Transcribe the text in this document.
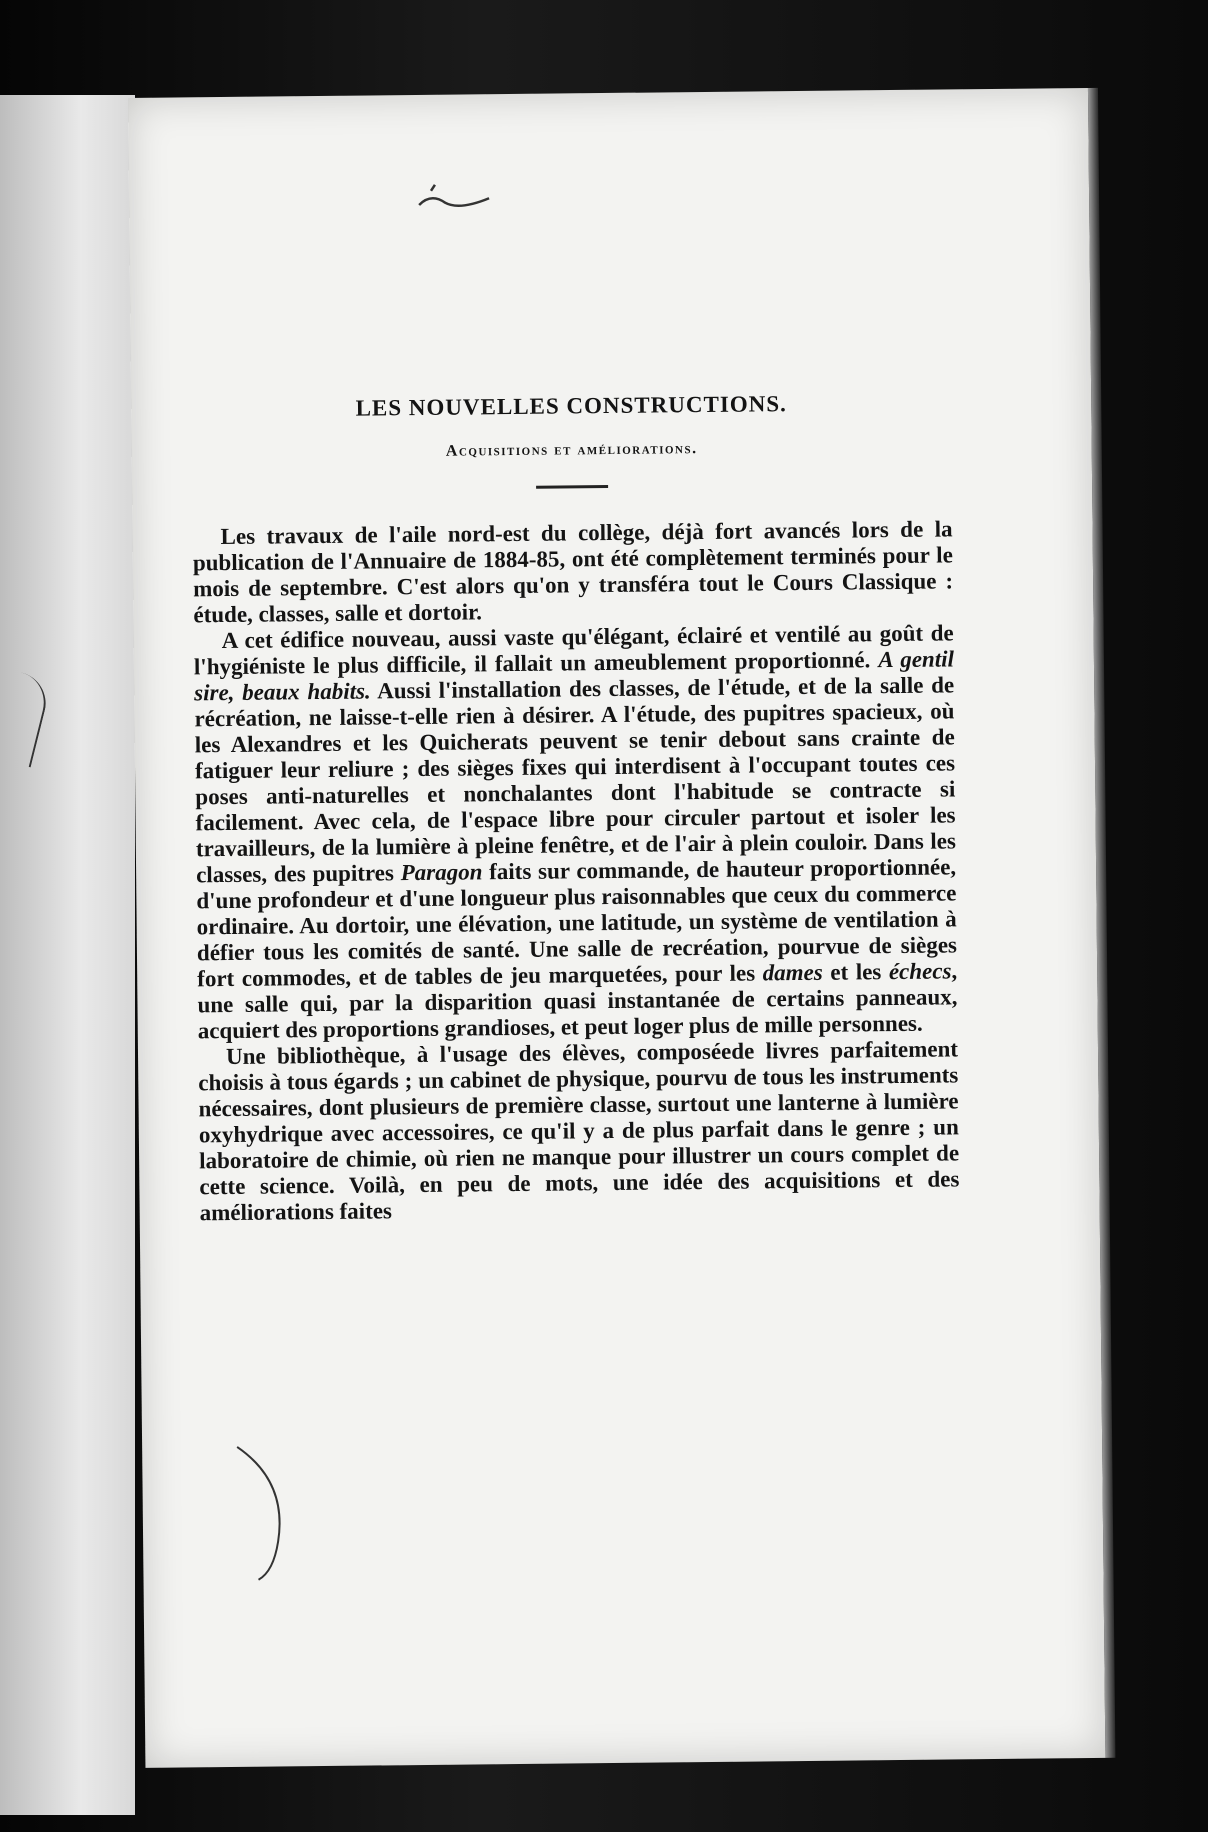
LES NOUVELLES CONSTRUCTIONS.
Acquisitions et améliorations.

Les travaux de l'aile nord-est du collège, déjà fort avancés lors de la publication de l'Annuaire de 1884-85, ont été complètement terminés pour le mois de septembre. C'est alors qu'on y transféra tout le Cours Classique : étude, classes, salle et dortoir.

A cet édifice nouveau, aussi vaste qu'élégant, éclairé et ventilé au goût de l'hygiéniste le plus difficile, il fallait un ameublement proportionné. A gentil sire, beaux habits. Aussi l'installation des classes, de l'étude, et de la salle de récréation, ne laisse-t-elle rien à désirer. A l'étude, des pupitres spacieux, où les Alexandres et les Quicherats peuvent se tenir debout sans crainte de fatiguer leur reliure ; des sièges fixes qui interdisent à l'occupant toutes ces poses anti-naturelles et nonchalantes dont l'habitude se contracte si facilement. Avec cela, de l'espace libre pour circuler partout et isoler les travailleurs, de la lumière à pleine fenêtre, et de l'air à plein couloir. Dans les classes, des pupitres Paragon faits sur commande, de hauteur proportionnée, d'une profondeur et d'une longueur plus raisonnables que ceux du commerce ordinaire. Au dortoir, une élévation, une latitude, un système de ventilation à défier tous les comités de santé. Une salle de recréation, pourvue de sièges fort commodes, et de tables de jeu marquetées, pour les dames et les échecs, une salle qui, par la disparition quasi instantanée de certains panneaux, acquiert des proportions grandioses, et peut loger plus de mille personnes.

Une bibliothèque, à l'usage des élèves, composéede livres parfaitement choisis à tous égards ; un cabinet de physique, pourvu de tous les instruments nécessaires, dont plusieurs de première classe, surtout une lanterne à lumière oxyhydrique avec accessoires, ce qu'il y a de plus parfait dans le genre ; un laboratoire de chimie, où rien ne manque pour illustrer un cours complet de cette science. Voilà, en peu de mots, une idée des acquisitions et des améliorations faites
